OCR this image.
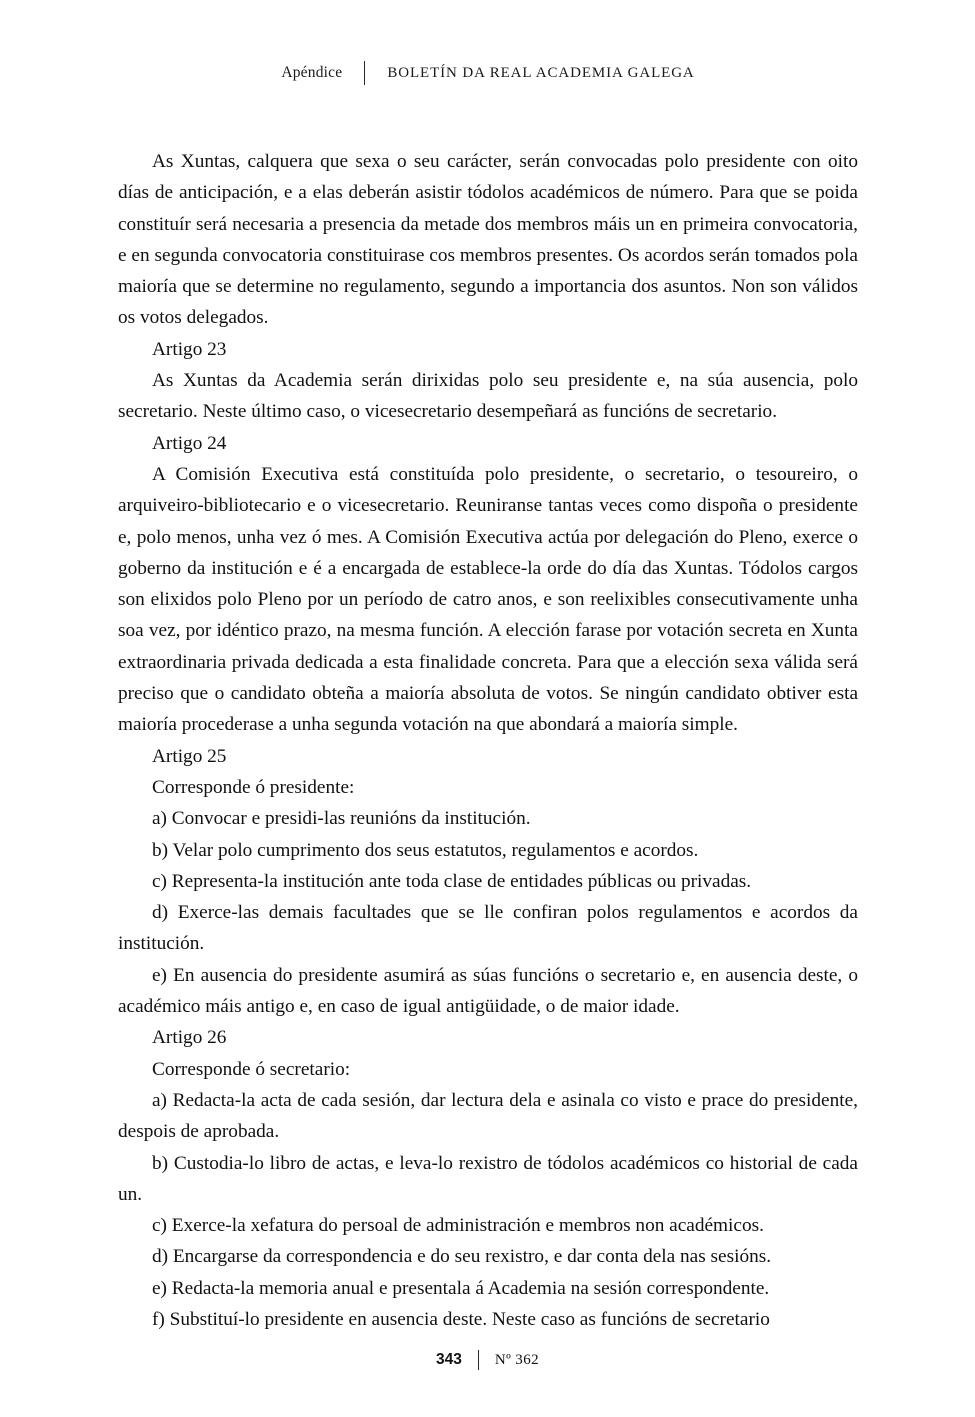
Apéndice	BOLETÍN DA REAL ACADEMIA GALEGA

As Xuntas, calquera que sexa o seu carácter, serán convocadas polo presidente con oito días de anticipación, e a elas deberán asistir tódolos académicos de número. Para que se poida constituír será necesaria a presencia da metade dos membros máis un en primeira convocatoria, e en segunda convocatoria constituirase cos membros presentes. Os acordos serán tomados pola maioría que se determine no regulamento, segundo a importancia dos asuntos. Non son válidos os votos delegados.

Artigo 23

As Xuntas da Academia serán dirixidas polo seu presidente e, na súa ausencia, polo secretario. Neste último caso, o vicesecretario desempeñará as funcións de secretario.

Artigo 24

A Comisión Executiva está constituída polo presidente, o secretario, o tesoureiro, o arquiveiro-bibliotecario e o vicesecretario. Reuniranse tantas veces como dispoña o presidente e, polo menos, unha vez ó mes. A Comisión Executiva actúa por delegación do Pleno, exerce o goberno da institución e é a encargada de establece-la orde do día das Xuntas. Tódolos cargos son elixidos polo Pleno por un período de catro anos, e son reelixibles consecutivamente unha soa vez, por idéntico prazo, na mesma función. A elección farase por votación secreta en Xunta extraordinaria privada dedicada a esta finalidade concreta. Para que a elección sexa válida será preciso que o candidato obteña a maioría absoluta de votos. Se ningún candidato obtiver esta maioría procederase a unha segunda votación na que abondará a maioría simple.

Artigo 25

Corresponde ó presidente:

a) Convocar e presidi-las reunións da institución.

b) Velar polo cumprimento dos seus estatutos, regulamentos e acordos.

c) Representa-la institución ante toda clase de entidades públicas ou privadas.

d) Exerce-las demais facultades que se lle confiran polos regulamentos e acordos da institución.

e) En ausencia do presidente asumirá as súas funcións o secretario e, en ausencia deste, o académico máis antigo e, en caso de igual antigüidade, o de maior idade.

Artigo 26

Corresponde ó secretario:

a) Redacta-la acta de cada sesión, dar lectura dela e asinala co visto e prace do presidente, despois de aprobada.

b) Custodia-lo libro de actas, e leva-lo rexistro de tódolos académicos co historial de cada un.

c) Exerce-la xefatura do persoal de administración e membros non académicos.

d) Encargarse da correspondencia e do seu rexistro, e dar conta dela nas sesións.

e) Redacta-la memoria anual e presentala á Academia na sesión correspondente.

f) Substituí-lo presidente en ausencia deste. Neste caso as funcións de secretario

343	Nº 362
